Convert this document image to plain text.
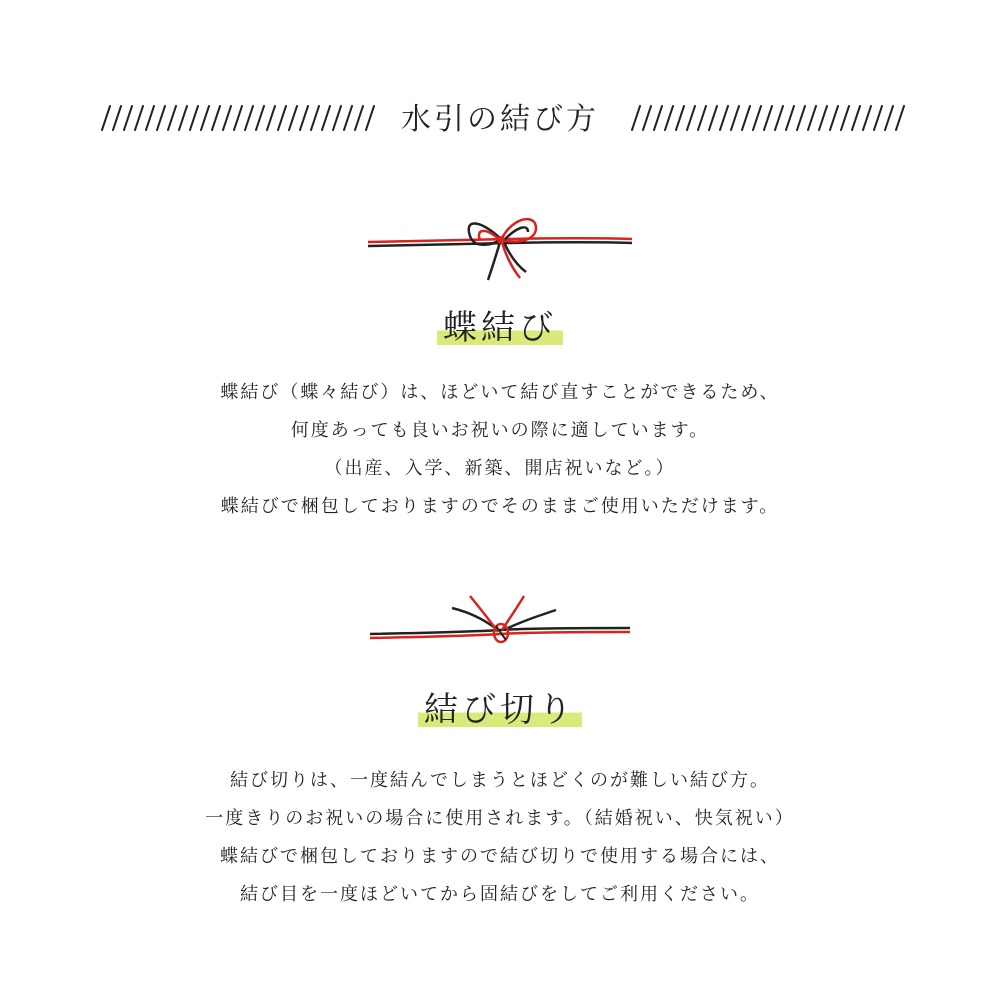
水引の結び方
蝶結び
蝶結び（蝶々結び）は、ほどいて結び直すことができるため、
何度あっても良いお祝いの際に適しています。
（出産、入学、新築、開店祝いなど。）
蝶結びで梱包しておりますのでそのままご使用いただけます。
結び切り
結び切りは、一度結んでしまうとほどくのが難しい結び方。
一度きりのお祝いの場合に使用されます。（結婚祝い、快気祝い）
蝶結びで梱包しておりますので結び切りで使用する場合には、
結び目を一度ほどいてから固結びをしてご利用ください。
